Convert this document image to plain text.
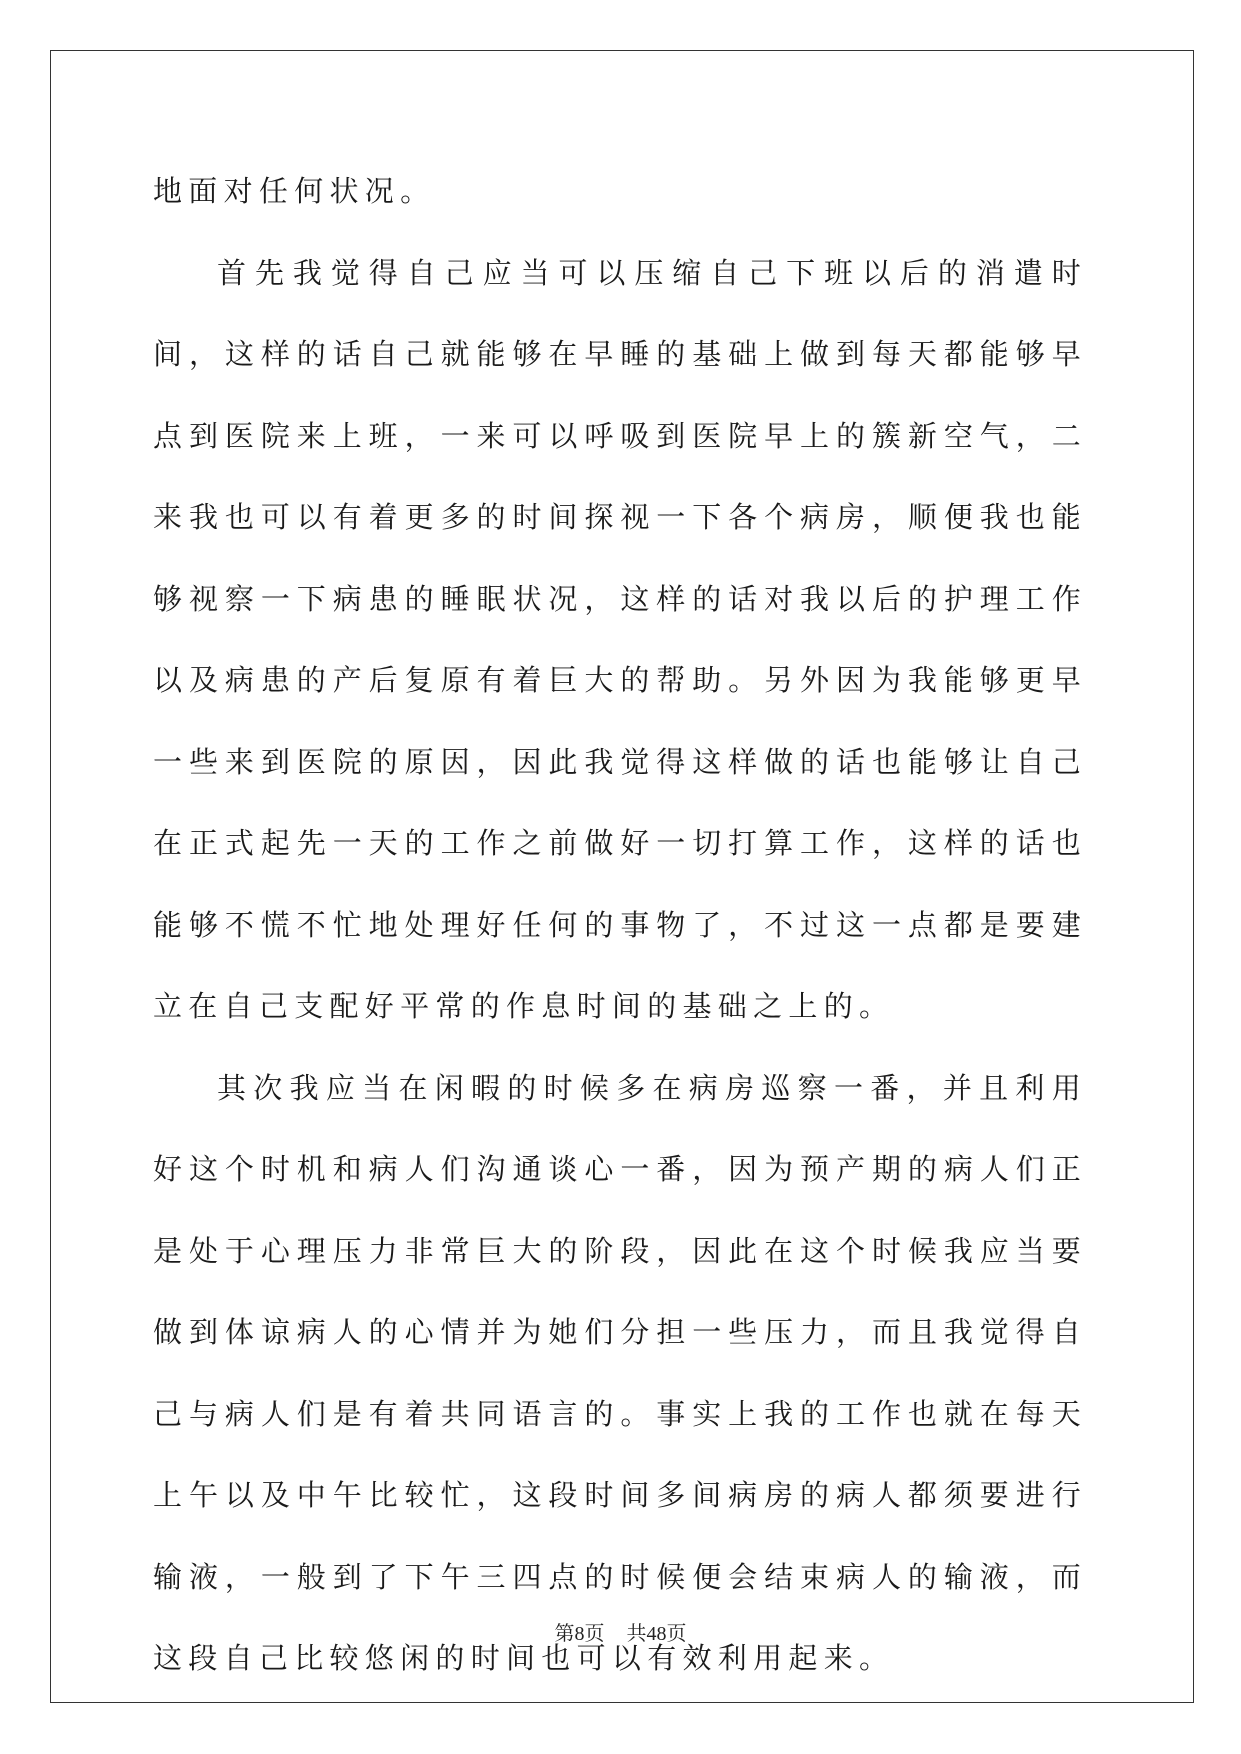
地面对任何状况。

首先我觉得自己应当可以压缩自己下班以后的消遣时间，这样的话自己就能够在早睡的基础上做到每天都能够早点到医院来上班，一来可以呼吸到医院早上的簇新空气，二来我也可以有着更多的时间探视一下各个病房，顺便我也能够视察一下病患的睡眠状况，这样的话对我以后的护理工作以及病患的产后复原有着巨大的帮助。另外因为我能够更早一些来到医院的原因，因此我觉得这样做的话也能够让自己在正式起先一天的工作之前做好一切打算工作，这样的话也能够不慌不忙地处理好任何的事物了，不过这一点都是要建立在自己支配好平常的作息时间的基础之上的。

其次我应当在闲暇的时候多在病房巡察一番，并且利用好这个时机和病人们沟通谈心一番，因为预产期的病人们正是处于心理压力非常巨大的阶段，因此在这个时候我应当要做到体谅病人的心情并为她们分担一些压力，而且我觉得自己与病人们是有着共同语言的。事实上我的工作也就在每天上午以及中午比较忙，这段时间多间病房的病人都须要进行输液，一般到了下午三四点的时候便会结束病人的输液，而这段自己比较悠闲的时间也可以有效利用起来。

第8页 共48页
